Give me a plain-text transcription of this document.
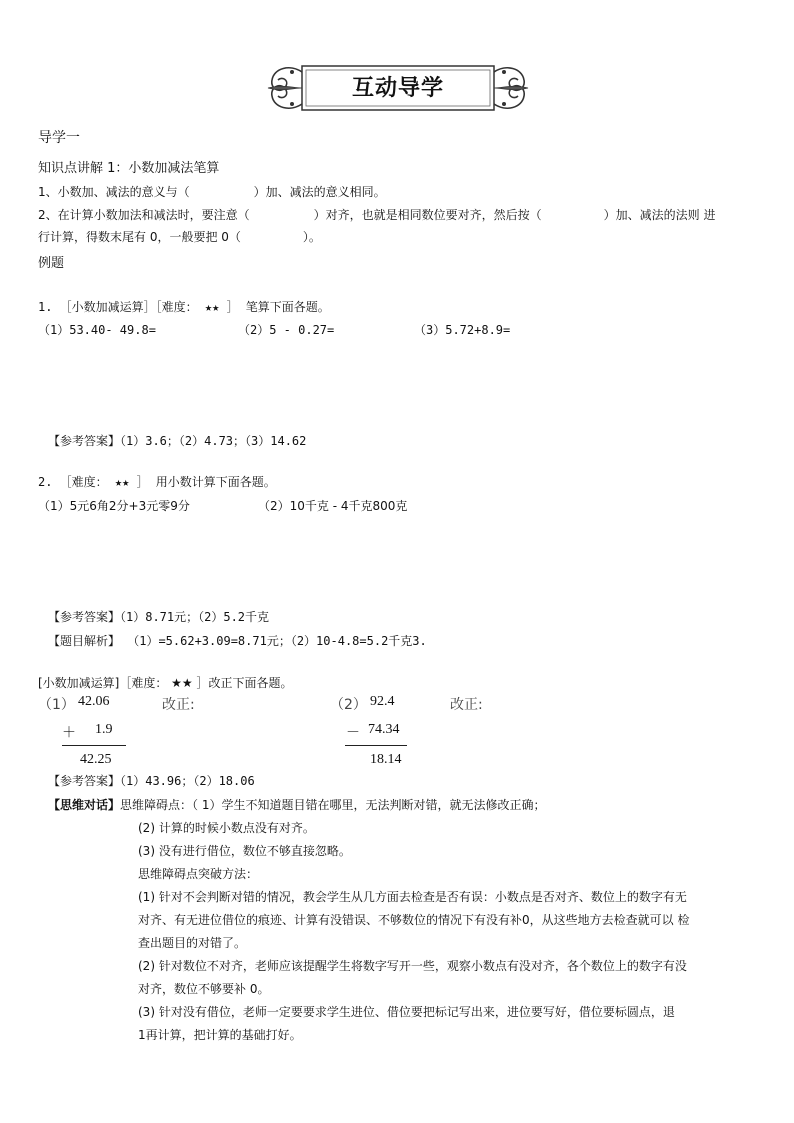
互动导学
导学一
知识点讲解 1：小数加减法笔算
1、小数加、减法的意义与（	）加、减法的意义相同。
2、在计算小数加法和减法时，要注意（	）对齐，也就是相同数位要对齐，然后按（	）加、减法的法则 进
行计算，得数末尾有 0，一般要把 0（	）。
例题
1. ［小数加减运算］［难度： ★★ ］ 笔算下面各题。
（1）53.40- 49.8=	（2）5 - 0.27=	（3）5.72+8.9=
【参考答案】（1）3.6；（2）4.73；（3）14.62
2. ［难度： ★★ ］ 用小数计算下面各题。
（1）5元6角2分+3元零9分	（2）10千克 - 4千克800克
【参考答案】（1）8.71元；（2）5.2千克
【题目解析】 （1）=5.62+3.09=8.71元；（2）10-4.8=5.2千克3.
[小数加减运算]［难度： ★★ ］改正下面各题。
（1） 42.06	改正:
＋ 1.9
42.25
（2） 92.4	改正:
－ 74.34
18.14
【参考答案】（1）43.96；（2）18.06
【思维对话】思维障碍点：（ 1）学生不知道题目错在哪里，无法判断对错，就无法修改正确；
(2) 计算的时候小数点没有对齐。
(3) 没有进行借位，数位不够直接忽略。
思维障碍点突破方法：
(1) 针对不会判断对错的情况，教会学生从几方面去检查是否有误：小数点是否对齐、数位上的数字有无
对齐、有无进位借位的痕迹、计算有没错误、不够数位的情况下有没有补0，从这些地方去检查就可以 检
查出题目的对错了。
(2) 针对数位不对齐，老师应该提醒学生将数字写开一些，观察小数点有没对齐，各个数位上的数字有没
对齐，数位不够要补 0。
(3) 针对没有借位，老师一定要要求学生进位、借位要把标记写出来，进位要写好，借位要标圆点，退
1再计算，把计算的基础打好。
